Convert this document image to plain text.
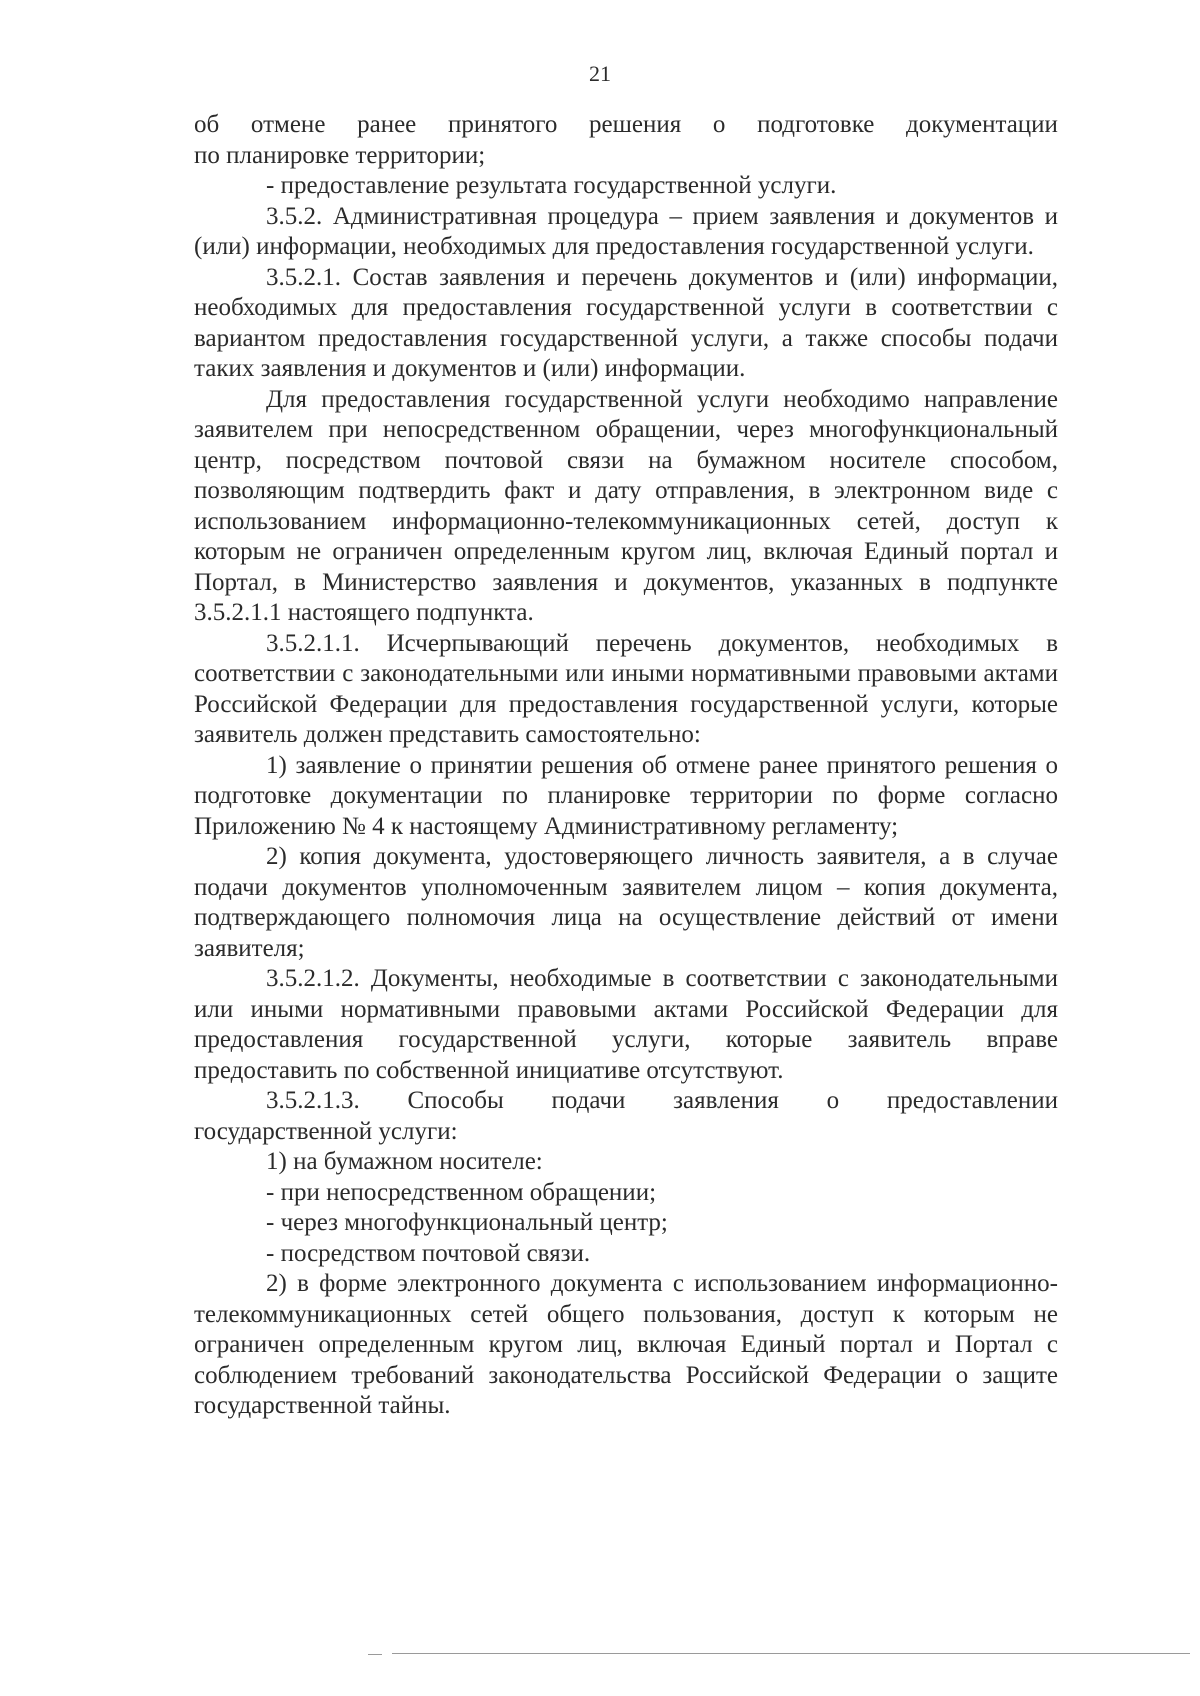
21
об отмене ранее принятого решения о подготовке документации
по планировке территории;
- предоставление результата государственной услуги.
3.5.2. Административная процедура – прием заявления и документов и (или) информации, необходимых для предоставления государственной услуги.
3.5.2.1. Состав заявления и перечень документов и (или) информации, необходимых для предоставления государственной услуги в соответствии с вариантом предоставления государственной услуги, а также способы подачи таких заявления и документов и (или) информации.
Для предоставления государственной услуги необходимо направление заявителем при непосредственном обращении, через многофункциональный центр, посредством почтовой связи на бумажном носителе способом, позволяющим подтвердить факт и дату отправления, в электронном виде с использованием информационно-телекоммуникационных сетей, доступ к которым не ограничен определенным кругом лиц, включая Единый портал и Портал, в Министерство заявления и документов, указанных в подпункте 3.5.2.1.1 настоящего подпункта.
3.5.2.1.1. Исчерпывающий перечень документов, необходимых в соответствии с законодательными или иными нормативными правовыми актами Российской Федерации для предоставления государственной услуги, которые заявитель должен представить самостоятельно:
1) заявление о принятии решения об отмене ранее принятого решения о подготовке документации по планировке территории по форме согласно Приложению № 4 к настоящему Административному регламенту;
2) копия документа, удостоверяющего личность заявителя, а в случае подачи документов уполномоченным заявителем лицом – копия документа, подтверждающего полномочия лица на осуществление действий от имени заявителя;
3.5.2.1.2. Документы, необходимые в соответствии с законодательными или иными нормативными правовыми актами Российской Федерации для предоставления государственной услуги, которые заявитель вправе предоставить по собственной инициативе отсутствуют.
3.5.2.1.3. Способы подачи заявления о предоставлении
государственной услуги:
1) на бумажном носителе:
- при непосредственном обращении;
- через многофункциональный центр;
- посредством почтовой связи.
2) в форме электронного документа с использованием информационно-телекоммуникационных сетей общего пользования, доступ к которым не ограничен определенным кругом лиц, включая Единый портал и Портал с соблюдением требований законодательства Российской Федерации о защите государственной тайны.
